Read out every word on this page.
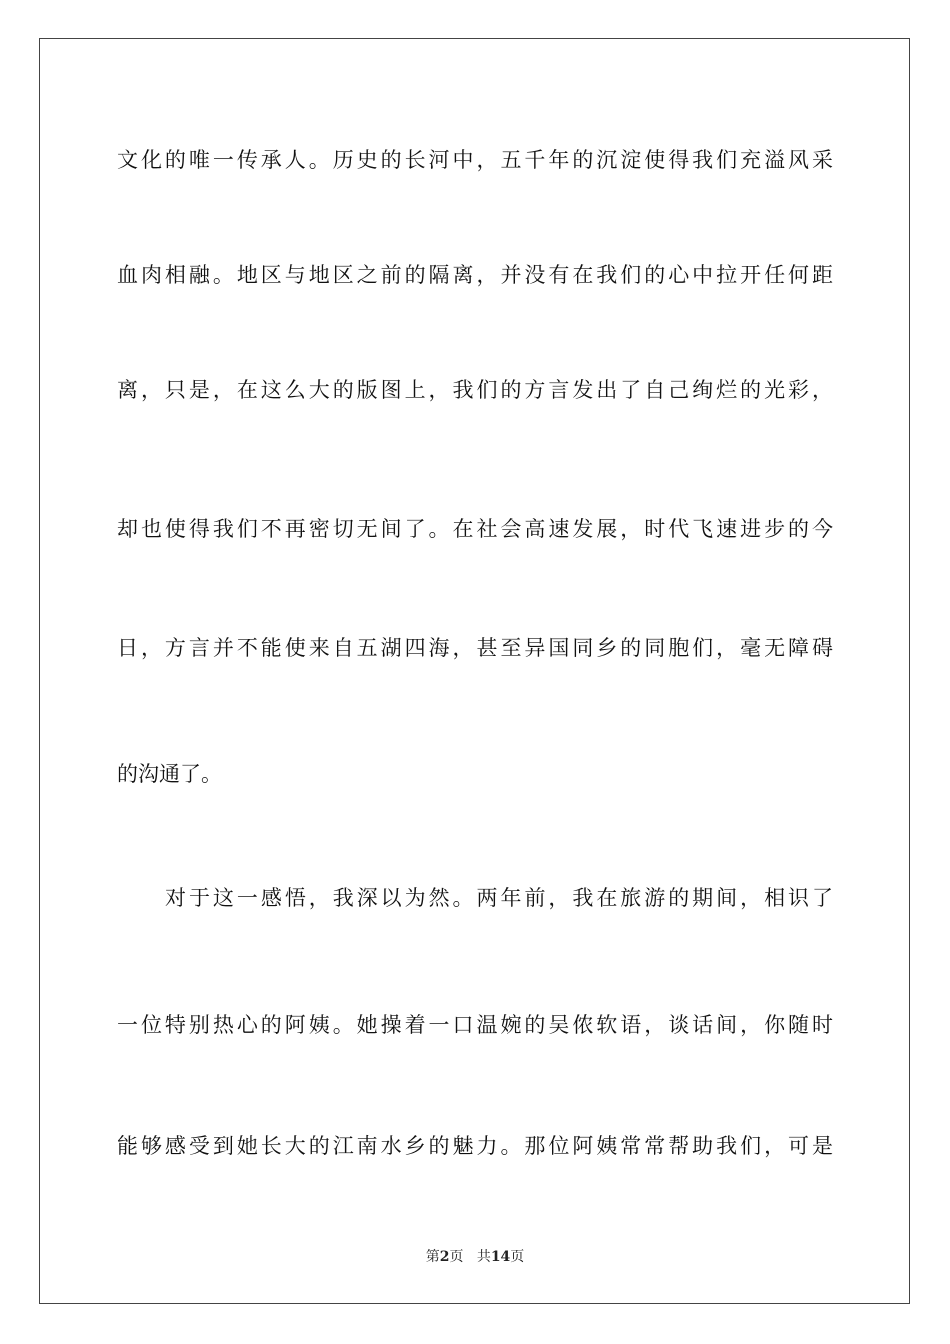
文化的唯一传承人。历史的长河中，五千年的沉淀使得我们充溢风采
血肉相融。地区与地区之前的隔离，并没有在我们的心中拉开任何距
离，只是，在这么大的版图上，我们的方言发出了自己绚烂的光彩，
却也使得我们不再密切无间了。在社会高速发展，时代飞速进步的今
日，方言并不能使来自五湖四海，甚至异国同乡的同胞们，毫无障碍
的沟通了。
对于这一感悟，我深以为然。两年前，我在旅游的期间，相识了
一位特别热心的阿姨。她操着一口温婉的吴侬软语，谈话间，你随时
能够感受到她长大的江南水乡的魅力。那位阿姨常常帮助我们，可是
第2页 共14页
